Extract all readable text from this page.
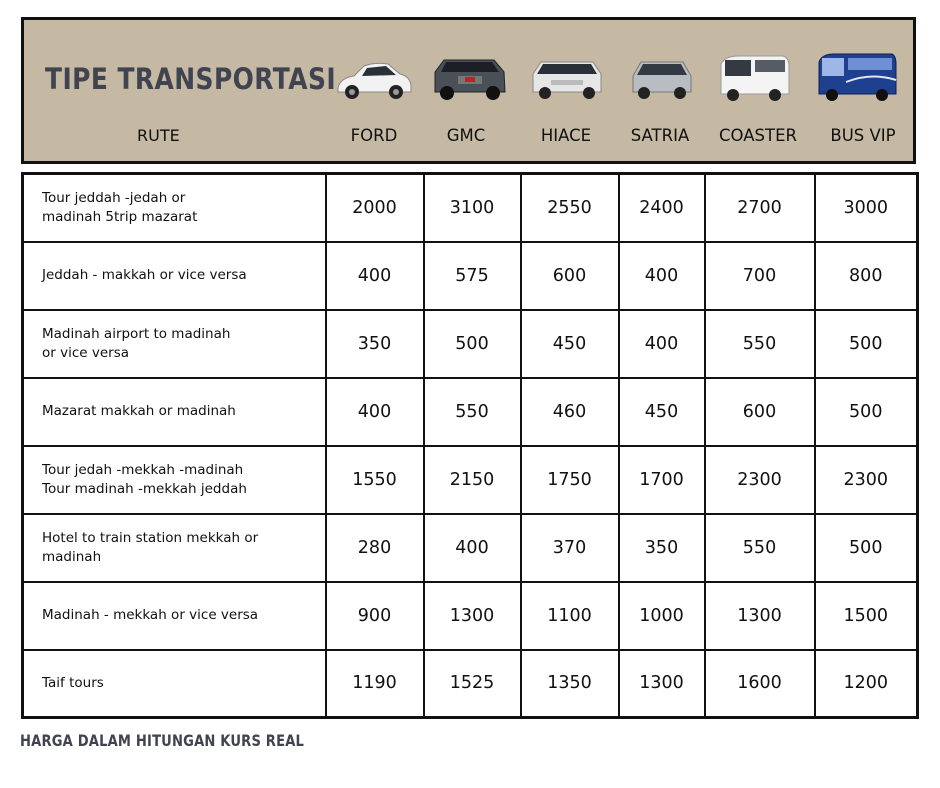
TIPE TRANSPORTASI
RUTE	FORD	GMC	HIACE	SATRIA	COASTER	BUS VIP
Tour jeddah -jedah or
madinah 5trip mazarat	2000	3100	2550	2400	2700	3000

Jeddah - makkah or vice versa	400	575	600	400	700	800

Madinah airport to madinah
or vice versa	350	500	450	400	550	500

Mazarat makkah or madinah	400	550	460	450	600	500

Tour jedah -mekkah -madinah
Tour madinah -mekkah jeddah	1550	2150	1750	1700	2300	2300

Hotel to train station mekkah or
madinah	280	400	370	350	550	500

Madinah - mekkah or vice versa	900	1300	1100	1000	1300	1500

Taif tours	1190	1525	1350	1300	1600	1200
HARGA DALAM HITUNGAN KURS REAL
